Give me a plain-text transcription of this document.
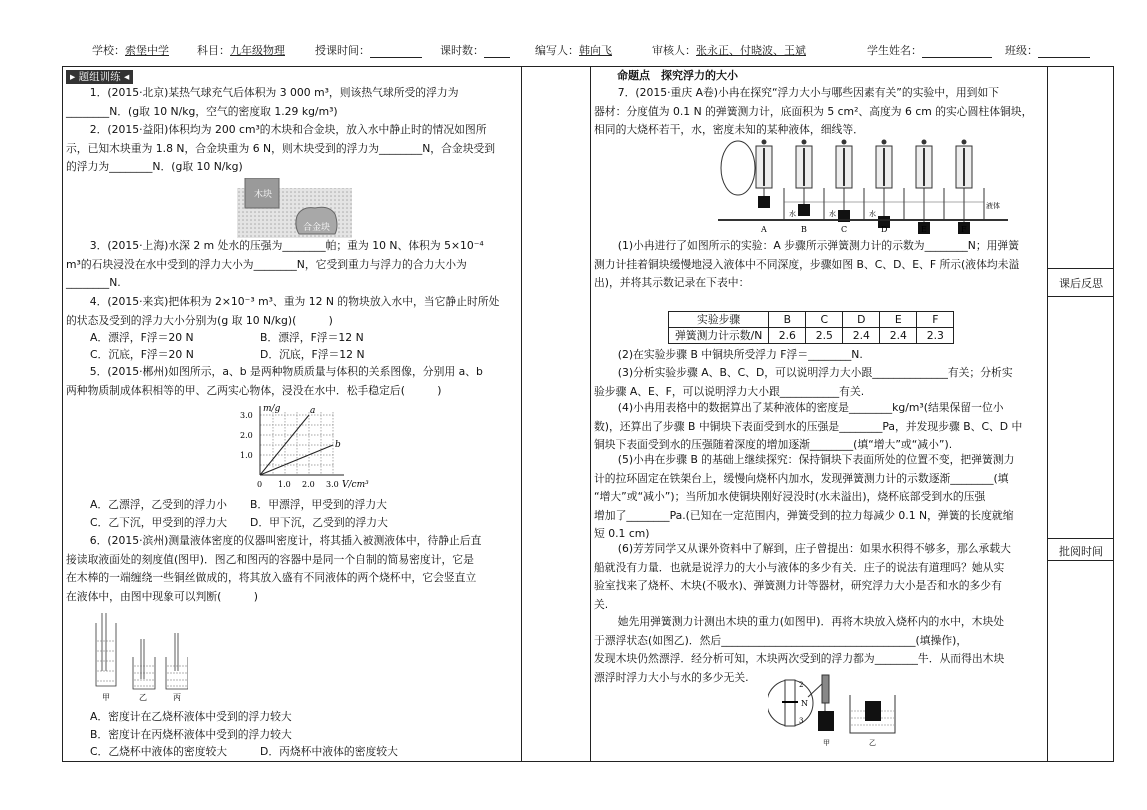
学校：索堡中学	科目：九年级物理	授课时间：	课时数：	编写人：韩向飞	审核人：张永正、付晓波、王斌	学生姓名：	班级：
课后反思
批阅时间
▸ 题组训练 ◂
1．(2015·北京)某热气球充气后体积为 3 000 m³，则该热气球所受的浮力为
________N．(g取 10 N/kg，空气的密度取 1.29 kg/m³)
2．(2015·益阳)体积均为 200 cm³的木块和合金块，放入水中静止时的情况如图所
示，已知木块重为 1.8 N，合金块重为 6 N，则木块受到的浮力为________N，合金块受到
的浮力为________N．(g取 10 N/kg)
木块
合金块
3．(2015·上海)水深 2 m 处水的压强为________帕；重为 10 N、体积为 5×10⁻⁴
m³的石块浸没在水中受到的浮力大小为________N，它受到重力与浮力的合力大小为
________N.
4．(2015·来宾)把体积为 2×10⁻³ m³、重为 12 N 的物块放入水中，当它静止时所处
的状态及受到的浮力大小分别为(g 取 10 N/kg)(　　　)
A．漂浮，F浮＝20 N	B．漂浮，F浮＝12 N
C．沉底，F浮＝20 N	D．沉底，F浮＝12 N
5．(2015·郴州)如图所示，a、b 是两种物质质量与体积的关系图像，分别用 a、b
两种物质制成体积相等的甲、乙两实心物体，浸没在水中．松手稳定后(　　　)
a
b
m/g
1.0
2.0
3.0
0 1.0 2.0 3.0 V/cm³
A．乙漂浮，乙受到的浮力小 B．甲漂浮，甲受到的浮力大
C．乙下沉，甲受到的浮力大 D．甲下沉，乙受到的浮力大
6．(2015·滨州)测量液体密度的仪器叫密度计，将其插入被测液体中，待静止后直
接读取液面处的刻度值(图甲)．图乙和图丙的容器中是同一个自制的简易密度计，它是
在木棒的一端缠绕一些铜丝做成的，将其放入盛有不同液体的两个烧杯中，它会竖直立
在液体中，由图中现象可以判断(　　　)
甲	乙	丙
A．密度计在乙烧杯液体中受到的浮力较大
B．密度计在丙烧杯液体中受到的浮力较大
C．乙烧杯中液体的密度较大	D．丙烧杯中液体的密度较大
命题点　探究浮力的大小
7．(2015·重庆 A卷)小冉在探究“浮力大小与哪些因素有关”的实验中，用到如下
器材：分度值为 0.1 N 的弹簧测力计，底面积为 5 cm²、高度为 6 cm 的实心圆柱体铜块，
相同的大烧杯若干，水，密度未知的某种液体，细线等．
A	B
水
C
水
D
水
E	F
液体
(1)小冉进行了如图所示的实验：A 步骤所示弹簧测力计的示数为________N；用弹簧
测力计挂着铜块缓慢地浸入液体中不同深度，步骤如图 B、C、D、E、F 所示(液体均未溢
出)，并将其示数记录在下表中：
实验步骤	B	C	D	E	F
弹簧测力计示数/N	2.6	2.5	2.4	2.4	2.3
(2)在实验步骤 B 中铜块所受浮力 F浮＝________N.
(3)分析实验步骤 A、B、C、D，可以说明浮力大小跟______________有关；分析实
验步骤 A、E、F，可以说明浮力大小跟___________有关.
(4)小冉用表格中的数据算出了某种液体的密度是________kg/m³(结果保留一位小
数)，还算出了步骤 B 中铜块下表面受到水的压强是________Pa，并发现步骤 B、C、D 中
铜块下表面受到水的压强随着深度的增加逐渐________(填“增大”或“减小”).
(5)小冉在步骤 B 的基础上继续探究：保持铜块下表面所处的位置不变，把弹簧测力
计的拉环固定在铁架台上，缓慢向烧杯内加水，发现弹簧测力计的示数逐渐________(填
“增大”或“减小”)；当所加水使铜块刚好浸没时(水未溢出)，烧杯底部受到水的压强
增加了________Pa.(已知在一定范围内，弹簧受到的拉力每减少 0.1 N，弹簧的长度就缩
短 0.1 cm)
(6)芳芳同学又从课外资料中了解到，庄子曾提出：如果水积得不够多，那么承载大
船就没有力量．也就是说浮力的大小与液体的多少有关．庄子的说法有道理吗？她从实
验室找来了烧杯、木块(不吸水)、弹簧测力计等器材，研究浮力大小是否和水的多少有
关.
她先用弹簧测力计测出木块的重力(如图甲)．再将木块放入烧杯内的水中，木块处
于漂浮状态(如图乙)．然后____________________________________(填操作)，
发现木块仍然漂浮．经分析可知，木块两次受到的浮力都为________牛．从而得出木块
漂浮时浮力大小与水的多少无关.
2
N
3
甲	乙
